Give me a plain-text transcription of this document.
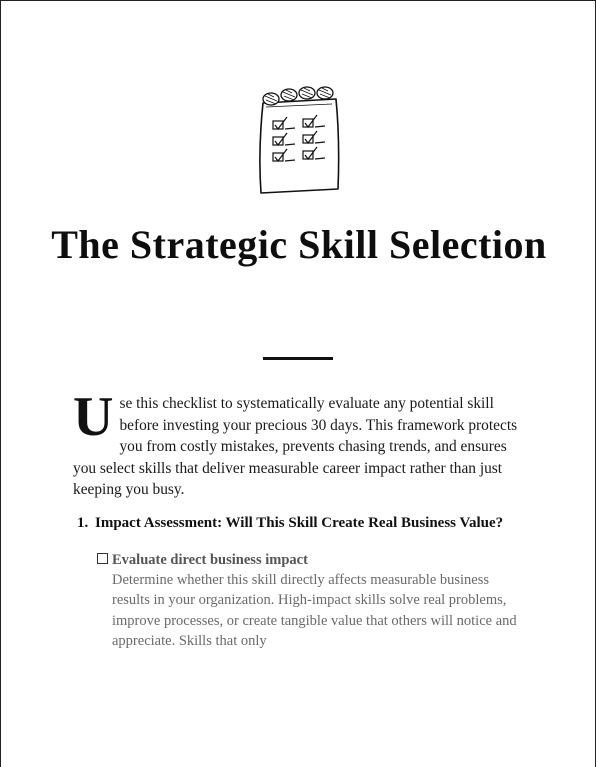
The Strategic Skill Selection
Use this checklist to systematically evaluate any potential skill before investing your precious 30 days. This framework protects you from costly mistakes, prevents chasing trends, and ensures you select skills that deliver measurable career impact rather than just keeping you busy.
1. Impact Assessment: Will This Skill Create Real Business Value?
Evaluate direct business impact
Determine whether this skill directly affects measurable business results in your organization. High-impact skills solve real problems, improve processes, or create tangible value that others will notice and appreciate. Skills that only
